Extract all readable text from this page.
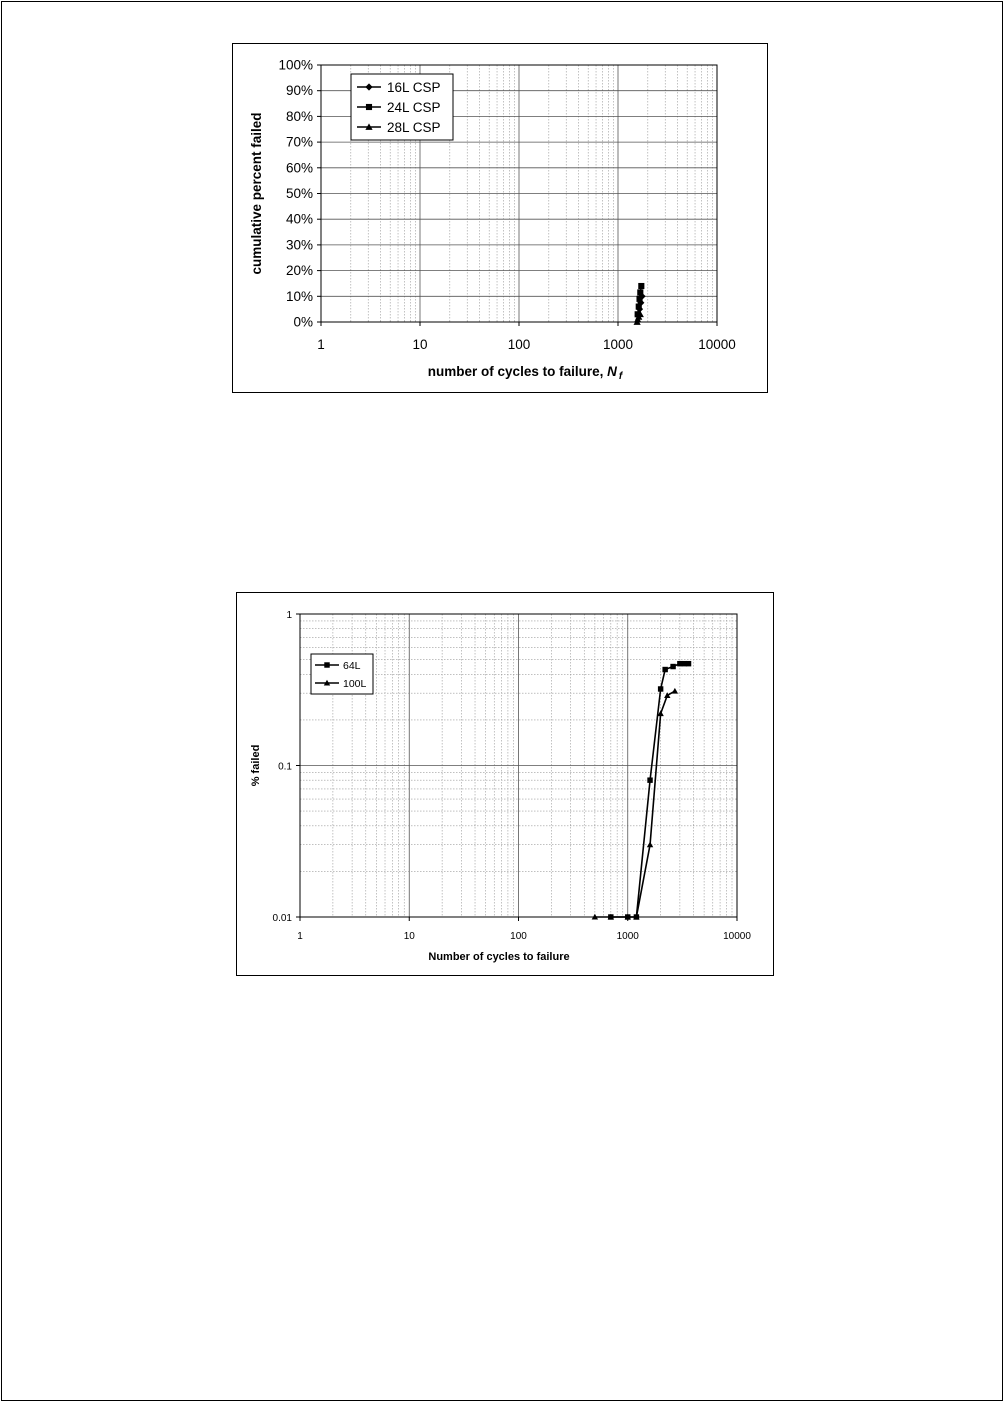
0%
10%
20%
30%
40%
50%
60%
70%
80%
90%
100%
1	10	100	1000	10000
number of cycles to failure, N $_f$
cumulative percent failed
16L CSP
24L CSP
28L CSP
0.01
0.1
1
1	10	100	1000	10000
Number of cycles to failure
% failed
64L
100L
